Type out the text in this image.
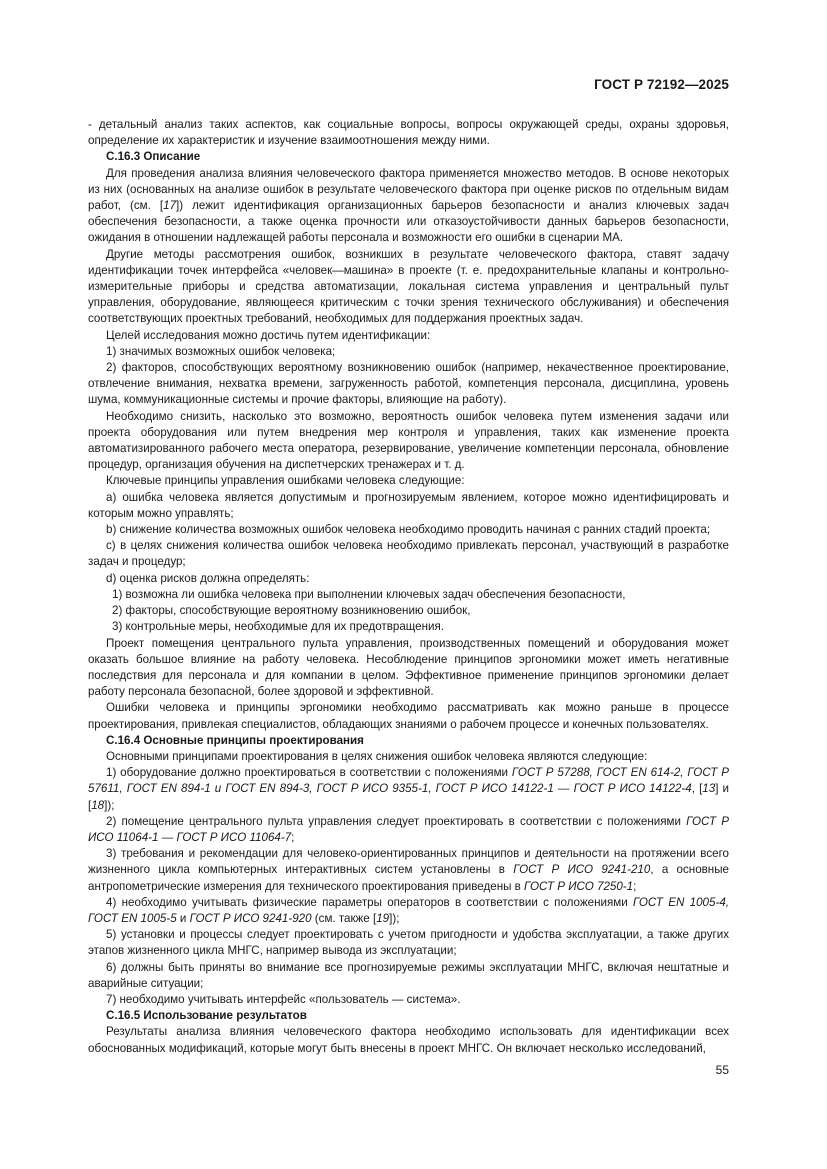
ГОСТ Р 72192—2025

- детальный анализ таких аспектов, как социальные вопросы, вопросы окружающей среды, охраны здоровья, определение их характеристик и изучение взаимоотношения между ними.

С.16.3 Описание

Для проведения анализа влияния человеческого фактора применяется множество методов. В основе некоторых из них (основанных на анализе ошибок в результате человеческого фактора при оценке рисков по отдельным видам работ, (см. [17]) лежит идентификация организационных барьеров безопасности и анализ ключевых задач обеспечения безопасности, а также оценка прочности или отказоустойчивости данных барьеров безопасности, ожидания в отношении надлежащей работы персонала и возможности его ошибки в сценарии МА.

Другие методы рассмотрения ошибок, возникших в результате человеческого фактора, ставят задачу идентификации точек интерфейса «человек—машина» в проекте (т. е. предохранительные клапаны и контрольно-измерительные приборы и средства автоматизации, локальная система управления и центральный пульт управления, оборудование, являющееся критическим с точки зрения технического обслуживания) и обеспечения соответствующих проектных требований, необходимых для поддержания проектных задач.

Целей исследования можно достичь путем идентификации:

1) значимых возможных ошибок человека;

2) факторов, способствующих вероятному возникновению ошибок (например, некачественное проектирование, отвлечение внимания, нехватка времени, загруженность работой, компетенция персонала, дисциплина, уровень шума, коммуникационные системы и прочие факторы, влияющие на работу).

Необходимо снизить, насколько это возможно, вероятность ошибок человека путем изменения задачи или проекта оборудования или путем внедрения мер контроля и управления, таких как изменение проекта автоматизированного рабочего места оператора, резервирование, увеличение компетенции персонала, обновление процедур, организация обучения на диспетчерских тренажерах и т. д.

Ключевые принципы управления ошибками человека следующие:

a) ошибка человека является допустимым и прогнозируемым явлением, которое можно идентифицировать и которым можно управлять;

b) снижение количества возможных ошибок человека необходимо проводить начиная с ранних стадий проекта;

c) в целях снижения количества ошибок человека необходимо привлекать персонал, участвующий в разработке задач и процедур;

d) оценка рисков должна определять:

1) возможна ли ошибка человека при выполнении ключевых задач обеспечения безопасности,

2) факторы, способствующие вероятному возникновению ошибок,

3) контрольные меры, необходимые для их предотвращения.

Проект помещения центрального пульта управления, производственных помещений и оборудования может оказать большое влияние на работу человека. Несоблюдение принципов эргономики может иметь негативные последствия для персонала и для компании в целом. Эффективное применение принципов эргономики делает работу персонала безопасной, более здоровой и эффективной.

Ошибки человека и принципы эргономики необходимо рассматривать как можно раньше в процессе проектирования, привлекая специалистов, обладающих знаниями о рабочем процессе и конечных пользователях.

С.16.4 Основные принципы проектирования

Основными принципами проектирования в целях снижения ошибок человека являются следующие:

1) оборудование должно проектироваться в соответствии с положениями ГОСТ Р 57288, ГОСТ EN 614-2, ГОСТ Р 57611, ГОСТ EN 894-1 и ГОСТ EN 894-3, ГОСТ Р ИСО 9355-1, ГОСТ Р ИСО 14122-1 — ГОСТ Р ИСО 14122-4, [13] и [18]);

2) помещение центрального пульта управления следует проектировать в соответствии с положениями ГОСТ Р ИСО 11064-1 — ГОСТ Р ИСО 11064-7;

3) требования и рекомендации для человеко-ориентированных принципов и деятельности на протяжении всего жизненного цикла компьютерных интерактивных систем установлены в ГОСТ Р ИСО 9241-210, а основные антропометрические измерения для технического проектирования приведены в ГОСТ Р ИСО 7250-1;

4) необходимо учитывать физические параметры операторов в соответствии с положениями ГОСТ EN 1005-4, ГОСТ EN 1005-5 и ГОСТ Р ИСО 9241-920 (см. также [19]);

5) установки и процессы следует проектировать с учетом пригодности и удобства эксплуатации, а также других этапов жизненного цикла МНГС, например вывода из эксплуатации;

6) должны быть приняты во внимание все прогнозируемые режимы эксплуатации МНГС, включая нештатные и аварийные ситуации;

7) необходимо учитывать интерфейс «пользователь — система».

С.16.5 Использование результатов

Результаты анализа влияния человеческого фактора необходимо использовать для идентификации всех обоснованных модификаций, которые могут быть внесены в проект МНГС. Он включает несколько исследований,

55
